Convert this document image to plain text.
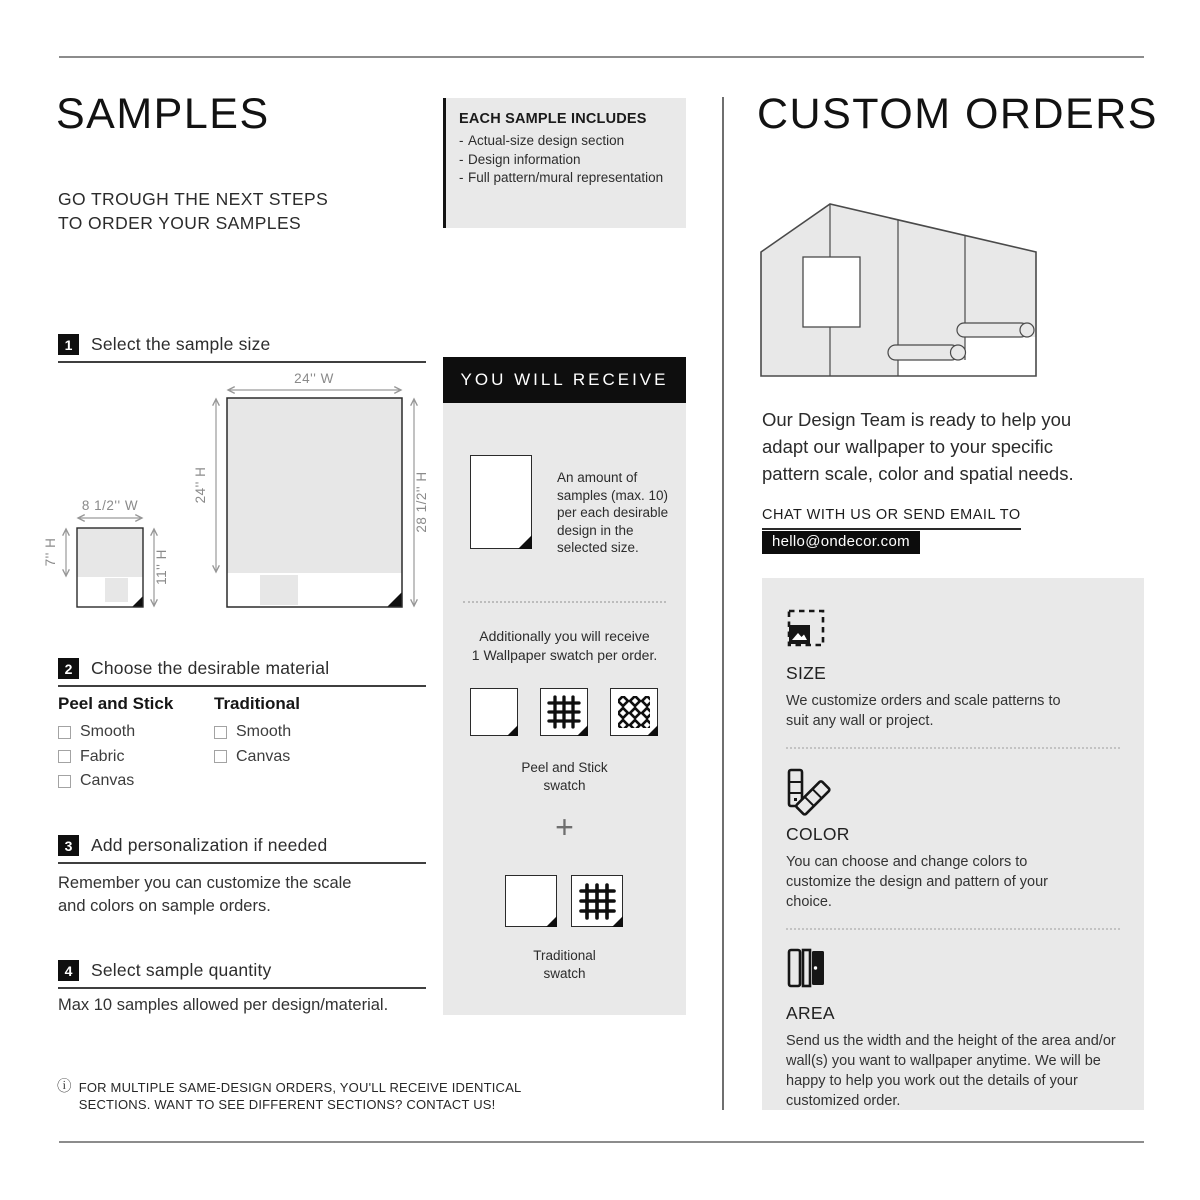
SAMPLES
GO TROUGH THE NEXT STEPS
TO ORDER YOUR SAMPLES
EACH SAMPLE INCLUDES
- Actual-size design section
- Design information
- Full pattern/mural representation
1	Select the sample size
2	Choose the desirable material
3	Add personalization if needed
4	Select sample quantity
24'' W
24'' H	28 1/2'' H
8 1/2'' W
7'' H	11'' H
Peel and Stick
Smooth
Fabric
Canvas
Traditional
Smooth
Canvas
Remember you can customize the scale
and colors on sample orders.
Max 10 samples allowed per design/material.
ⓘ FOR MULTIPLE SAME-DESIGN ORDERS, YOU'LL RECEIVE IDENTICAL
SECTIONS. WANT TO SEE DIFFERENT SECTIONS? CONTACT US!
YOU WILL RECEIVE
An amount of samples (max. 10) per each desirable design in the selected size.
Additionally you will receive
1 Wallpaper swatch per order.
Peel and Stick
swatch
+
Traditional
swatch
CUSTOM ORDERS
Our Design Team is ready to help you
adapt our wallpaper to your specific
pattern scale, color and spatial needs.
CHAT WITH US OR SEND EMAIL TO
hello@ondecor.com
SIZE

We customize orders and scale patterns to suit any wall or project.

COLOR

You can choose and change colors to customize the design and pattern of your choice.

AREA

Send us the width and the height of the area and/or wall(s) you want to wallpaper anytime. We will be happy to help you work out the details of your customized order.
